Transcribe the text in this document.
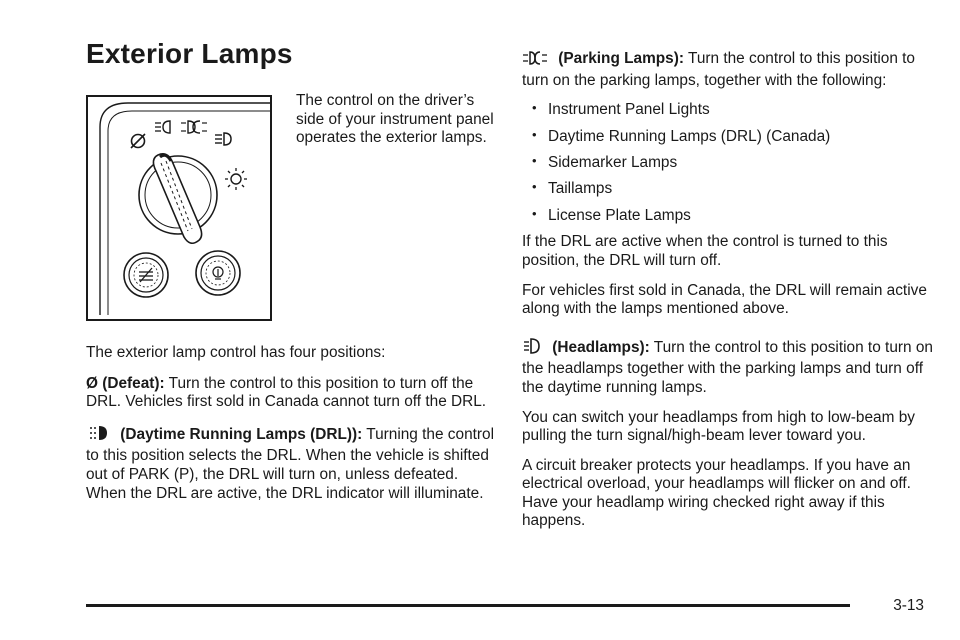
Exterior Lamps

The control on the driver’s side of your instrument panel operates the exterior lamps.

The exterior lamp control has four positions:

Ø (Defeat): Turn the control to this position to turn off the DRL. Vehicles first sold in Canada cannot turn off the DRL.

(Daytime Running Lamps (DRL)): Turning the control to this position selects the DRL. When the vehicle is shifted out of PARK (P), the DRL will turn on, unless defeated. When the DRL are active, the DRL indicator will illuminate.

(Parking Lamps): Turn the control to this position to turn on the parking lamps, together with the following:

• Instrument Panel Lights
• Daytime Running Lamps (DRL) (Canada)
• Sidemarker Lamps
• Taillamps
• License Plate Lamps

If the DRL are active when the control is turned to this position, the DRL will turn off.

For vehicles first sold in Canada, the DRL will remain active along with the lamps mentioned above.

(Headlamps): Turn the control to this position to turn on the headlamps together with the parking lamps and turn off the daytime running lamps.

You can switch your headlamps from high to low-beam by pulling the turn signal/high-beam lever toward you.

A circuit breaker protects your headlamps. If you have an electrical overload, your headlamps will flicker on and off. Have your headlamp wiring checked right away if this happens.

3-13
